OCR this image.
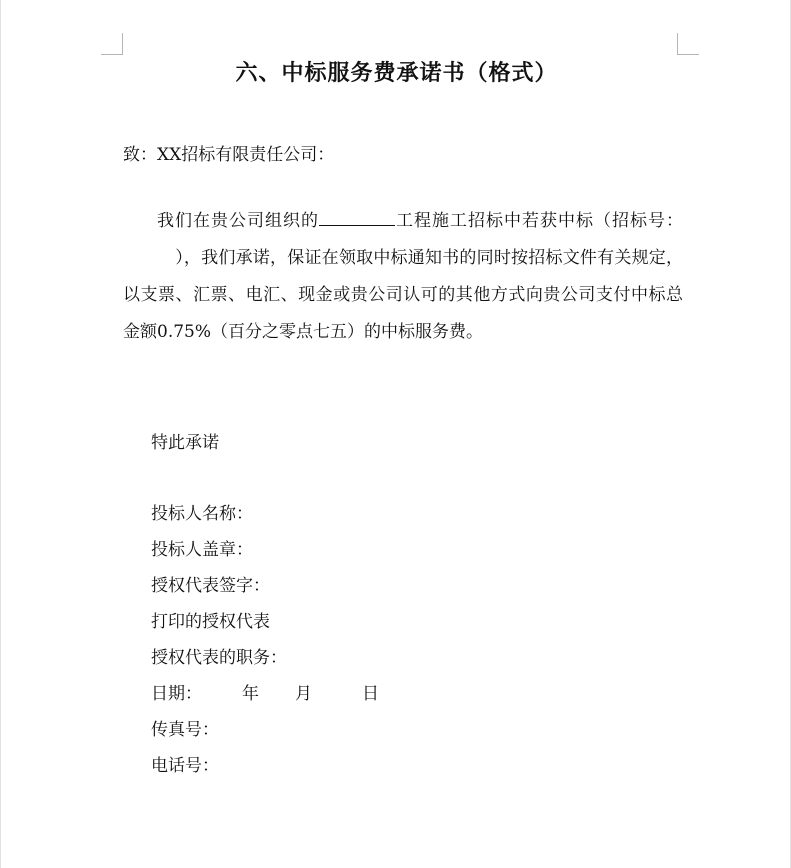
六、中标服务费承诺书（格式）
致：XX招标有限责任公司：
我们在贵公司组织的	工程施工招标中若获中标（招标号：），我们承诺，保证在领取中标通知书的同时按招标文件有关规定，以支票、汇票、电汇、现金或贵公司认可的其他方式向贵公司支付中标总金额0.75%（百分之零点七五）的中标服务费。
特此承诺
投标人名称：
投标人盖章：
授权代表签字：
打印的授权代表
授权代表的职务：
日期： 年 月	日
传真号：
电话号：
